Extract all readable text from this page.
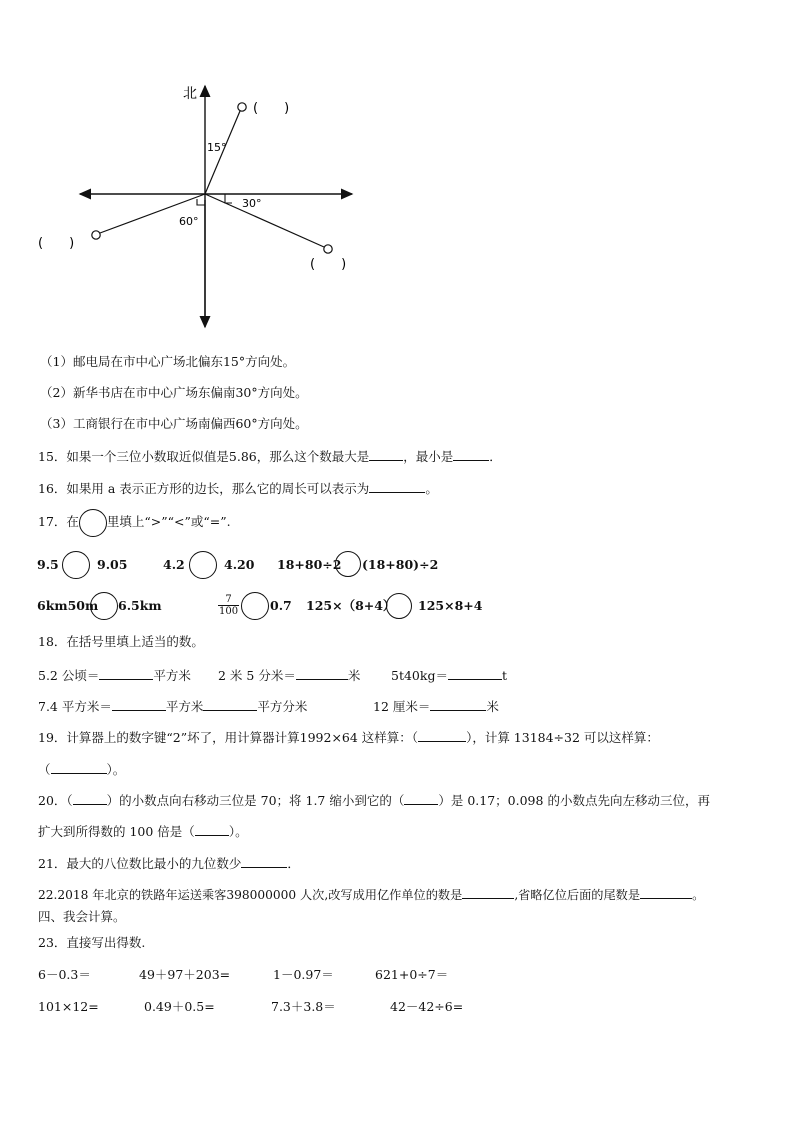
北
15°
30°
60°
(　　)
(　　)
(　　)
（1）邮电局在市中心广场北偏东15°方向处。
（2）新华书店在市中心广场东偏南30°方向处。
（3）工商银行在市中心广场南偏西60°方向处。
15．如果一个三位小数取近似值是5.86，那么这个数最大是	，最小是	．
16．如果用 a 表示正方形的边长，那么它的周长可以表示为	。
17．在 里填上“>”“<”或“=”.
9.5	9.05	4.2	4.20 18+80÷2 (18+80)÷2
6km50m 6.5km	$\frac{7}{100} 0.7$ 125×（8+4） 125×8+4
18．在括号里填上适当的数。
5.2 公顷＝	平方米 2 米 5 分米＝	米 5t40kg＝	t
7.4 平方米＝	平方米	平方分米	12 厘米＝	米
19．计算器上的数字键“2”坏了，用计算器计算1992×64 这样算：（	），计算 13184÷32 可以这样算：
（	）。
20．（	）的小数点向右移动三位是 70；将 1.7 缩小到它的（	）是 0.17；0.098 的小数点先向左移动三位，再
扩大到所得数的 100 倍是（	）。
21．最大的八位数比最小的九位数少	．
22.2018 年北京的铁路年运送乘客398000000 人次,改写成用亿作单位的数是	,省略亿位后面的尾数是	。
四、我会计算。
23．直接写出得数.
6－0.3＝	49＋97＋203=	1－0.97＝	621+0÷7＝
101×12=	0.49＋0.5=	7.3＋3.8＝	42－42÷6=
